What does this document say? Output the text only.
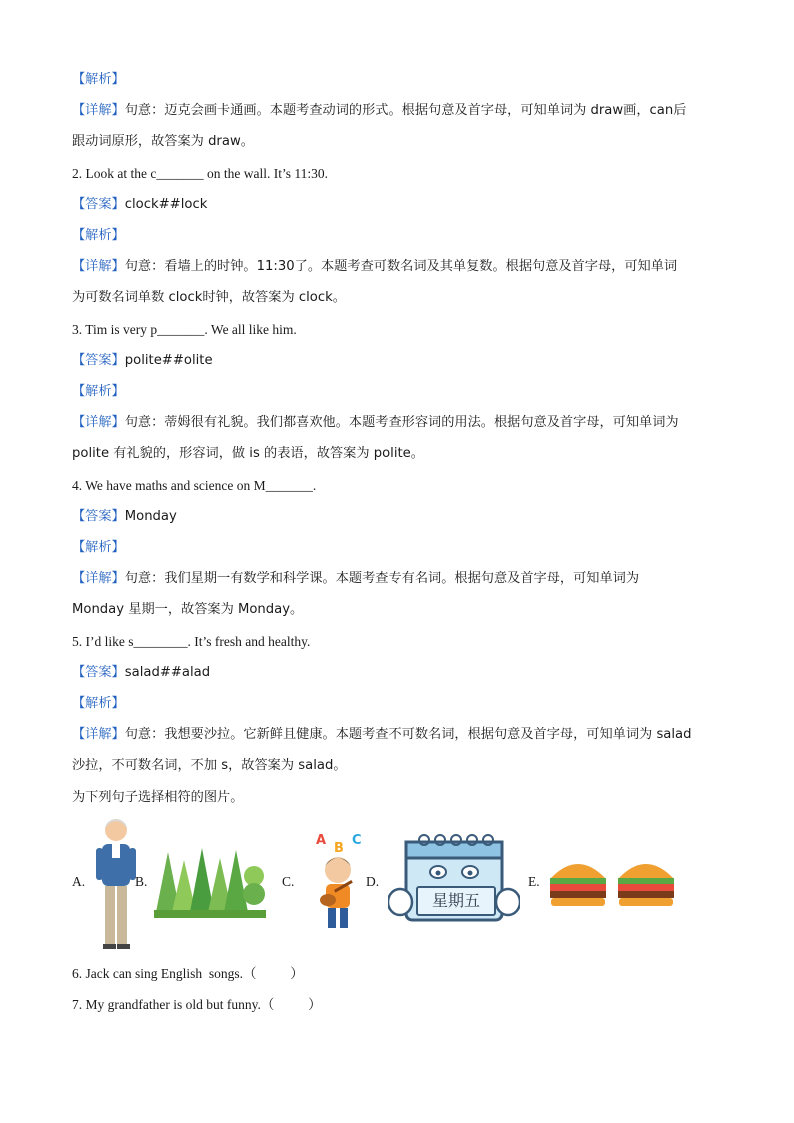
【解析】
【详解】句意：迈克会画卡通画。本题考查动词的形式。根据句意及首字母，可知单词为 draw画，can后
跟动词原形，故答案为 draw。
2. Look at the c_______ on the wall. It’s 11:30.
【答案】clock##lock
【解析】
【详解】句意：看墙上的时钟。11:30了。本题考查可数名词及其单复数。根据句意及首字母，可知单词
为可数名词单数 clock时钟，故答案为 clock。
3. Tim is very p_______. We all like him.
【答案】polite##olite
【解析】
【详解】句意：蒂姆很有礼貌。我们都喜欢他。本题考查形容词的用法。根据句意及首字母，可知单词为
polite 有礼貌的，形容词，做 is 的表语，故答案为 polite。
4. We have maths and science on M_______.
【答案】Monday
【解析】
【详解】句意：我们星期一有数学和科学课。本题考查专有名词。根据句意及首字母，可知单词为
Monday 星期一，故答案为 Monday。
5. I’d like s________. It’s fresh and healthy.
【答案】salad##alad
【解析】
【详解】句意：我想要沙拉。它新鲜且健康。本题考查不可数名词，根据句意及首字母，可知单词为 salad
沙拉，不可数名词，不加 s，故答案为 salad。
为下列句子选择相符的图片。
A.	B.	C.
A
B
C
D.
星期五
E.
6. Jack can sing English  songs.（          ）
7. My grandfather is old but funny.（          ）
